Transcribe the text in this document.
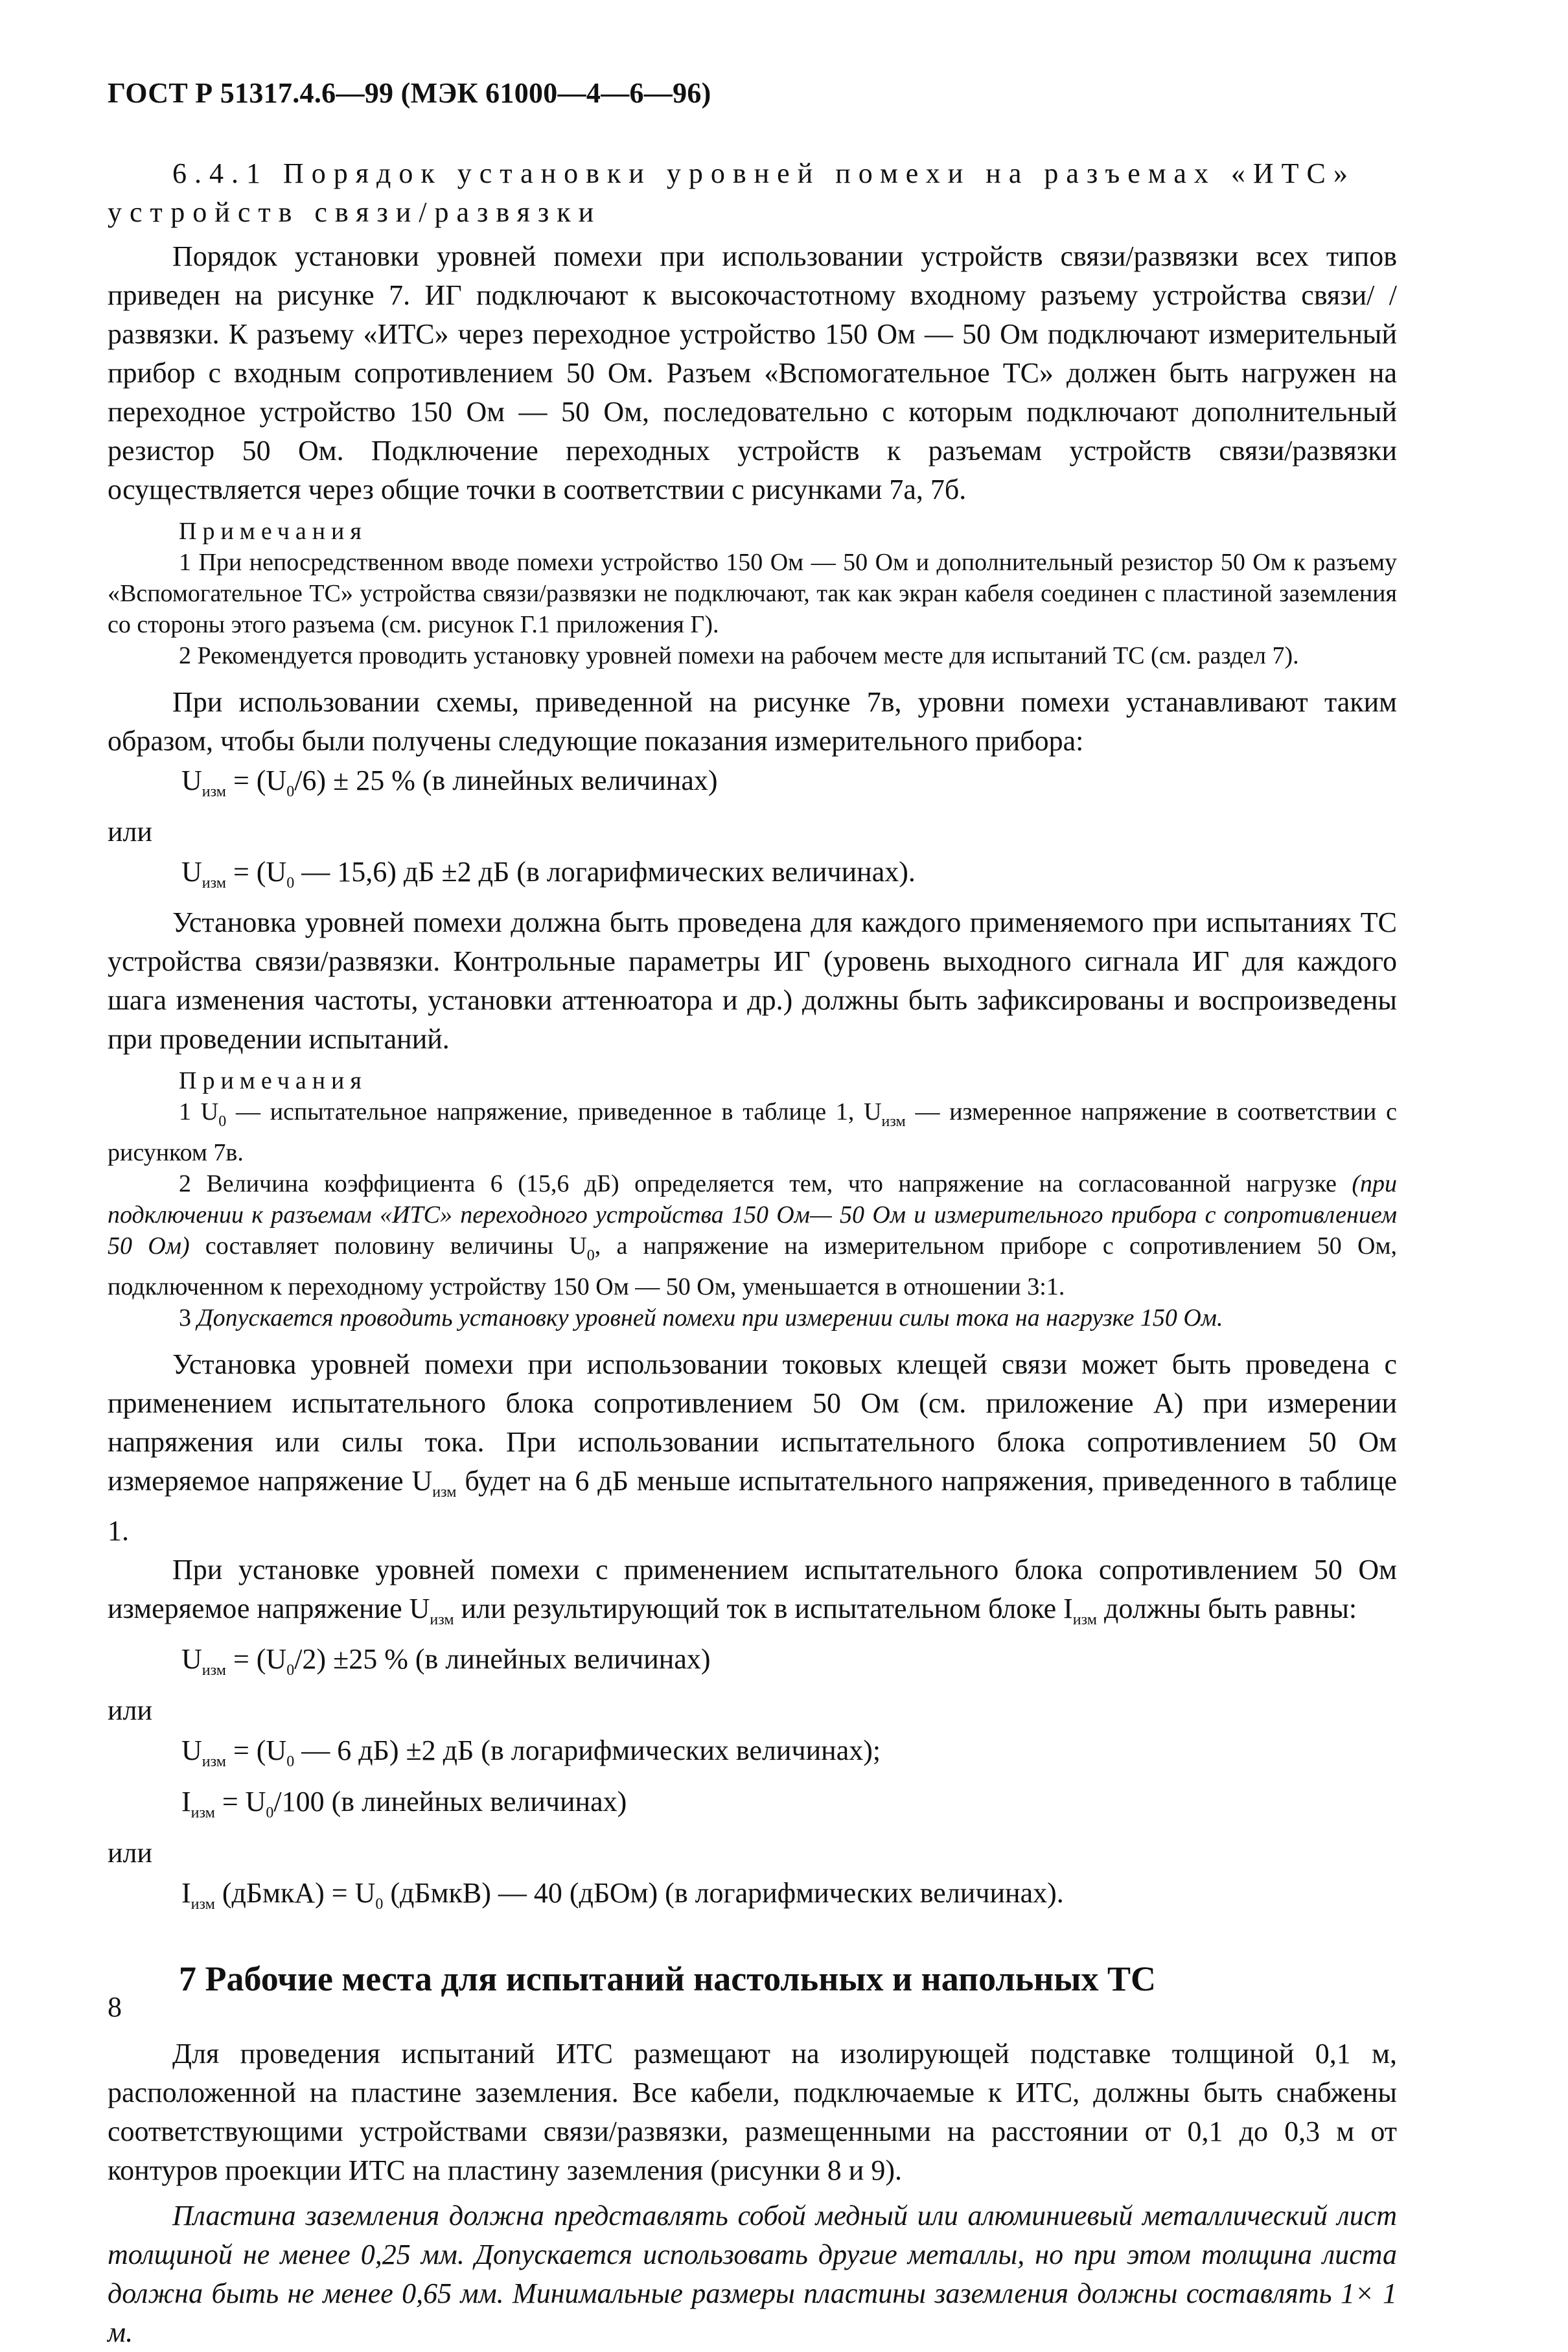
ГОСТ Р 51317.4.6—99 (МЭК 61000—4—6—96)
6.4.1 Порядок установки уровней помехи на разъемах «ИТС» устройств связи/развязки

Порядок установки уровней помехи при использовании устройств связи/развязки всех типов приведен на рисунке 7. ИГ подключают к высокочастотному входному разъему устройства связи/ /развязки. К разъему «ИТС» через переходное устройство 150 Ом — 50 Ом подключают измерительный прибор с входным сопротивлением 50 Ом. Разъем «Вспомогательное ТС» должен быть нагружен на переходное устройство 150 Ом — 50 Ом, последовательно с которым подключают дополнительный резистор 50 Ом. Подключение переходных устройств к разъемам устройств связи/развязки осуществляется через общие точки в соответствии с рисунками 7а, 7б.

Примечания

1 При непосредственном вводе помехи устройство 150 Ом — 50 Ом и дополнительный резистор 50 Ом к разъему «Вспомогательное ТС» устройства связи/развязки не подключают, так как экран кабеля соединен с пластиной заземления со стороны этого разъема (см. рисунок Г.1 приложения Г).

2 Рекомендуется проводить установку уровней помехи на рабочем месте для испытаний ТС (см. раздел 7).

При использовании схемы, приведенной на рисунке 7в, уровни помехи устанавливают таким образом, чтобы были получены следующие показания измерительного прибора:

$U_{изм} = (U_0/6) \pm 25$ % (в линейных величинах)

или

$U_{изм} = (U_0$ — 15,6) дБ ±2 дБ (в логарифмических величинах).

Установка уровней помехи должна быть проведена для каждого применяемого при испытаниях ТС устройства связи/развязки. Контрольные параметры ИГ (уровень выходного сигнала ИГ для каждого шага изменения частоты, установки аттенюатора и др.) должны быть зафиксированы и воспроизведены при проведении испытаний.

Примечания

1 $U_0$ — испытательное напряжение, приведенное в таблице 1, $U_{изм}$ — измеренное напряжение в соответствии с рисунком 7в.

2 Величина коэффициента 6 (15,6 дБ) определяется тем, что напряжение на согласованной нагрузке (при подключении к разъемам «ИТС» переходного устройства 150 Ом— 50 Ом и измерительного прибора с сопротивлением 50 Ом) составляет половину величины $U_0$, а напряжение на измерительном приборе с сопротивлением 50 Ом, подключенном к переходному устройству 150 Ом — 50 Ом, уменьшается в отношении 3:1.

3 Допускается проводить установку уровней помехи при измерении силы тока на нагрузке 150 Ом.

Установка уровней помехи при использовании токовых клещей связи может быть проведена с применением испытательного блока сопротивлением 50 Ом (см. приложение А) при измерении напряжения или силы тока. При использовании испытательного блока сопротивлением 50 Ом измеряемое напряжение $U_{изм}$ будет на 6 дБ меньше испытательного напряжения, приведенного в таблице 1.

При установке уровней помехи с применением испытательного блока сопротивлением 50 Ом измеряемое напряжение $U_{изм}$ или результирующий ток в испытательном блоке $I_{изм}$ должны быть равны:

$U_{изм} = (U_0/2) \pm 25$ % (в линейных величинах)

или

$U_{изм} = (U_0$ — 6 дБ) ±2 дБ (в логарифмических величинах);

$I_{изм} = U_0/100$ (в линейных величинах)

или

$I_{изм}$ (дБмкА) = $U_0$ (дБмкВ) — 40 (дБОм) (в логарифмических величинах).

7 Рабочие места для испытаний настольных и напольных ТС

Для проведения испытаний ИТС размещают на изолирующей подставке толщиной 0,1 м, расположенной на пластине заземления. Все кабели, подключаемые к ИТС, должны быть снабжены соответствующими устройствами связи/развязки, размещенными на расстоянии от 0,1 до 0,3 м от контуров проекции ИТС на пластину заземления (рисунки 8 и 9).

Пластина заземления должна представлять собой медный или алюминиевый металлический лист толщиной не менее 0,25 мм. Допускается использовать другие металлы, но при этом толщина листа должна быть не менее 0,65 мм. Минимальные размеры пластины заземления должны составлять 1× 1 м.

8
